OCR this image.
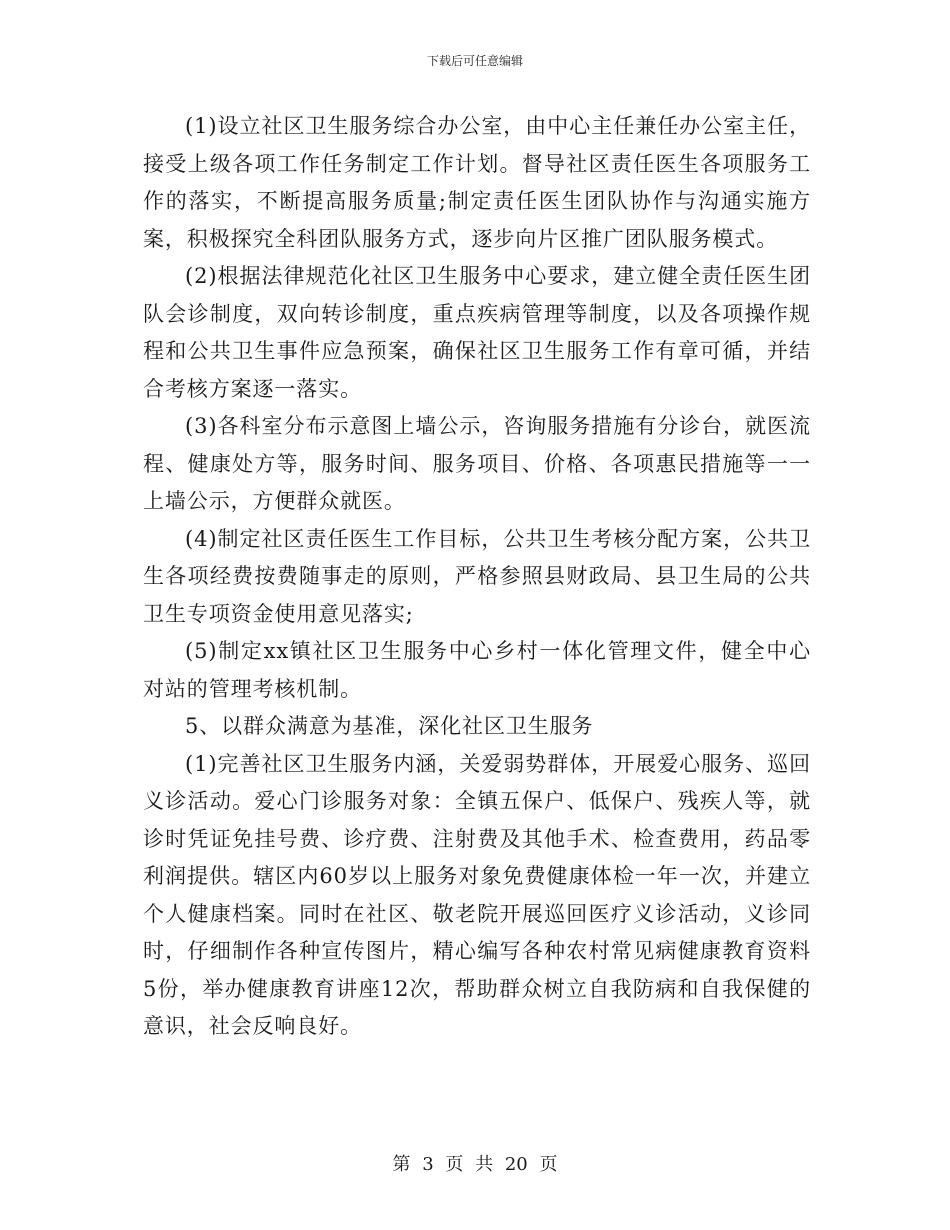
下载后可任意编辑

(1)设立社区卫生服务综合办公室，由中心主任兼任办公室主任，接受上级各项工作任务制定工作计划。督导社区责任医生各项服务工作的落实，不断提高服务质量;制定责任医生团队协作与沟通实施方案，积极探究全科团队服务方式，逐步向片区推广团队服务模式。

(2)根据法律规范化社区卫生服务中心要求，建立健全责任医生团队会诊制度，双向转诊制度，重点疾病管理等制度，以及各项操作规程和公共卫生事件应急预案，确保社区卫生服务工作有章可循，并结合考核方案逐一落实。

(3)各科室分布示意图上墙公示，咨询服务措施有分诊台，就医流程、健康处方等，服务时间、服务项目、价格、各项惠民措施等一一上墙公示，方便群众就医。

(4)制定社区责任医生工作目标，公共卫生考核分配方案，公共卫生各项经费按费随事走的原则，严格参照县财政局、县卫生局的公共卫生专项资金使用意见落实;

(5)制定xx镇社区卫生服务中心乡村一体化管理文件，健全中心对站的管理考核机制。

5、以群众满意为基准，深化社区卫生服务

(1)完善社区卫生服务内涵，关爱弱势群体，开展爱心服务、巡回义诊活动。爱心门诊服务对象：全镇五保户、低保户、残疾人等，就诊时凭证免挂号费、诊疗费、注射费及其他手术、检查费用，药品零利润提供。辖区内60岁以上服务对象免费健康体检一年一次，并建立个人健康档案。同时在社区、敬老院开展巡回医疗义诊活动，义诊同时，仔细制作各种宣传图片，精心编写各种农村常见病健康教育资料5份，举办健康教育讲座12次，帮助群众树立自我防病和自我保健的意识，社会反响良好。

第 3 页 共 20 页
